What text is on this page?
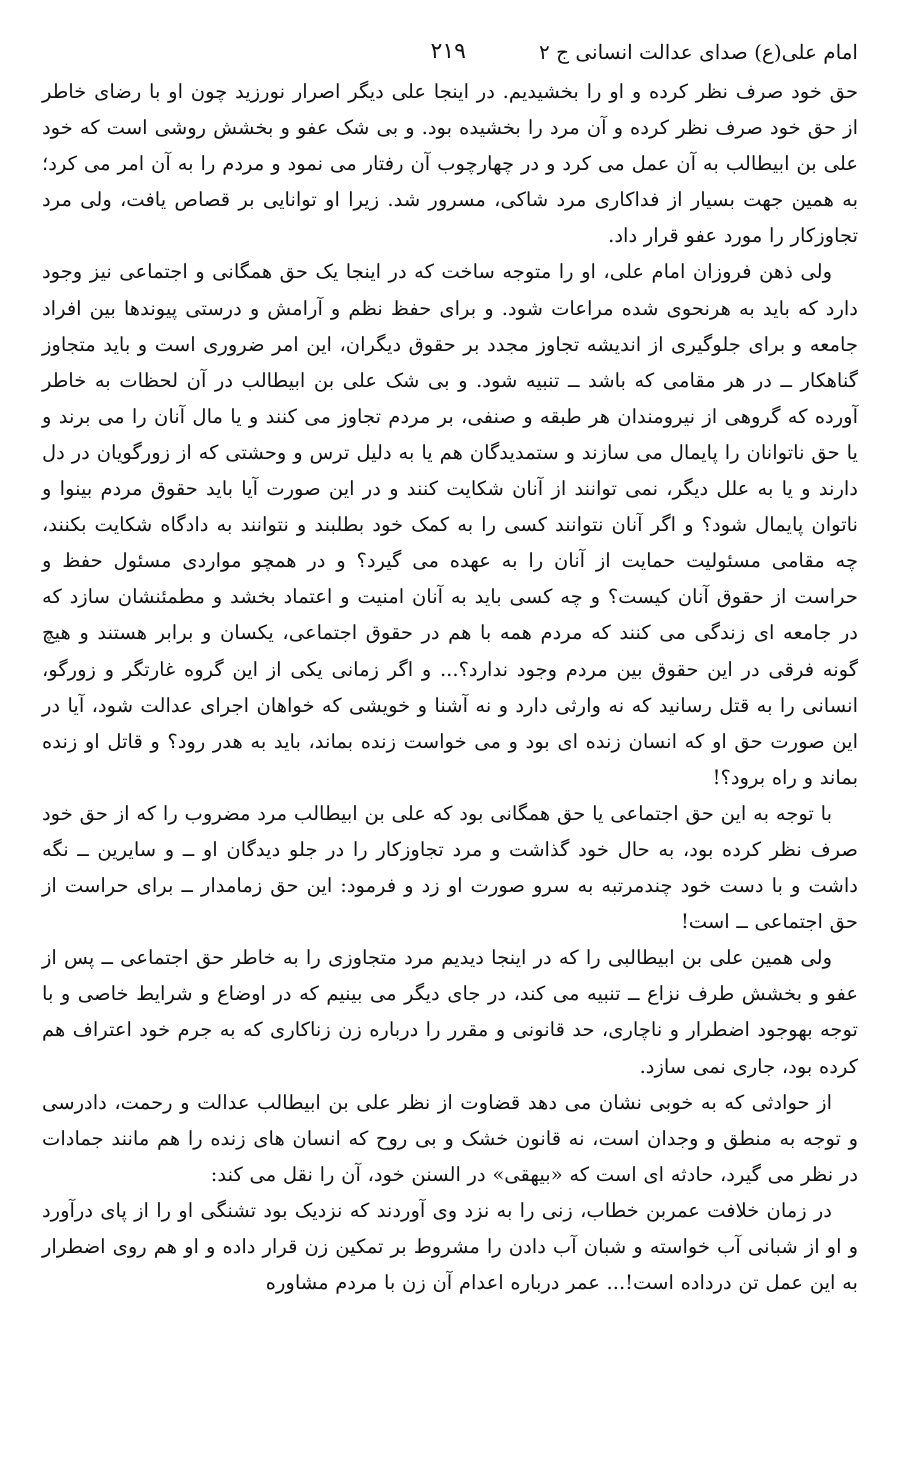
امام علی(ع) صدای عدالت انسانی ج ۲
۲۱۹

حق خود صرف نظر کرده و او را بخشیدیم. در اینجا علی دیگر اصرار نورزید چون او با رضای خاطر از حق خود صرف نظر کرده و آن مرد را بخشیده بود. و بی شک عفو و بخشش روشی است که خود علی بن ابیطالب به آن عمل می کرد و در چهارچوب آن رفتار می نمود و مردم را به آن امر می کرد؛ به همین جهت بسیار از فداکاری مرد شاکی، مسرور شد. زیرا او توانایی بر قصاص یافت، ولی مرد تجاوزکار را مورد عفو قرار داد.

ولی ذهن فروزان امام علی، او را متوجه ساخت که در اینجا یک حق همگانی و اجتماعی نیز وجود دارد که باید به هرنحوی شده مراعات شود. و برای حفظ نظم و آرامش و درستی پیوندها بین افراد جامعه و برای جلوگیری از اندیشه تجاوز مجدد بر حقوق دیگران، این امر ضروری است و باید متجاوز گناهکار ــ در هر مقامی که باشد ــ تنبیه شود. و بی شک علی بن ابیطالب در آن لحظات به خاطر آورده که گروهی از نیرومندان هر طبقه و صنفی، بر مردم تجاوز می کنند و یا مال آنان را می برند و یا حق ناتوانان را پایمال می سازند و ستمدیدگان هم یا به دلیل ترس و وحشتی که از زورگویان در دل دارند و یا به علل دیگر، نمی توانند از آنان شکایت کنند و در این صورت آیا باید حقوق مردم بینوا و ناتوان پایمال شود؟ و اگر آنان نتوانند کسی را به کمک خود بطلبند و نتوانند به دادگاه شکایت بکنند، چه مقامی مسئولیت حمایت از آنان را به عهده می گیرد؟ و در همچو مواردی مسئول حفظ و حراست از حقوق آنان کیست؟ و چه کسی باید به آنان امنیت و اعتماد بخشد و مطمئنشان سازد که در جامعه ای زندگی می کنند که مردم همه با هم در حقوق اجتماعی، یکسان و برابر هستند و هیچ گونه فرقی در این حقوق بین مردم وجود ندارد؟... و اگر زمانی یکی از این گروه غارتگر و زورگو، انسانی را به قتل رسانید که نه وارثی دارد و نه آشنا و خویشی که خواهان اجرای عدالت شود، آیا در این صورت حق او که انسان زنده ای بود و می خواست زنده بماند، باید به هدر رود؟ و قاتل او زنده بماند و راه برود؟!

با توجه به این حق اجتماعی یا حق همگانی بود که علی بن ابیطالب مرد مضروب را که از حق خود صرف نظر کرده بود، به حال خود گذاشت و مرد تجاوزکار را در جلو دیدگان او ــ و سایرین ــ نگه داشت و با دست خود چندمرتبه به سرو صورت او زد و فرمود: این حق زمامدار ــ برای حراست از حق اجتماعی ــ است!

ولی همین علی بن ابیطالبی را که در اینجا دیدیم مرد متجاوزی را به خاطر حق اجتماعی ــ پس از عفو و بخشش طرف نزاع ــ تنبیه می کند، در جای دیگر می بینیم که در اوضاع و شرایط خاصی و با توجه بهوجود اضطرار و ناچاری، حد قانونی و مقرر را درباره زن زناکاری که به جرم خود اعتراف هم کرده بود، جاری نمی سازد.

از حوادثی که به خوبی نشان می دهد قضاوت از نظر علی بن ابیطالب عدالت و رحمت، دادرسی و توجه به منطق و وجدان است، نه قانون خشک و بی روح که انسان های زنده را هم مانند جمادات در نظر می گیرد، حادثه ای است که «بیهقی» در السنن خود، آن را نقل می کند:

در زمان خلافت عمربن خطاب، زنی را به نزد وی آوردند که نزدیک بود تشنگی او را از پای درآورد و او از شبانی آب خواسته و شبان آب دادن را مشروط بر تمکین زن قرار داده و او هم روی اضطرار به این عمل تن درداده است!... عمر درباره اعدام آن زن با مردم مشاوره
